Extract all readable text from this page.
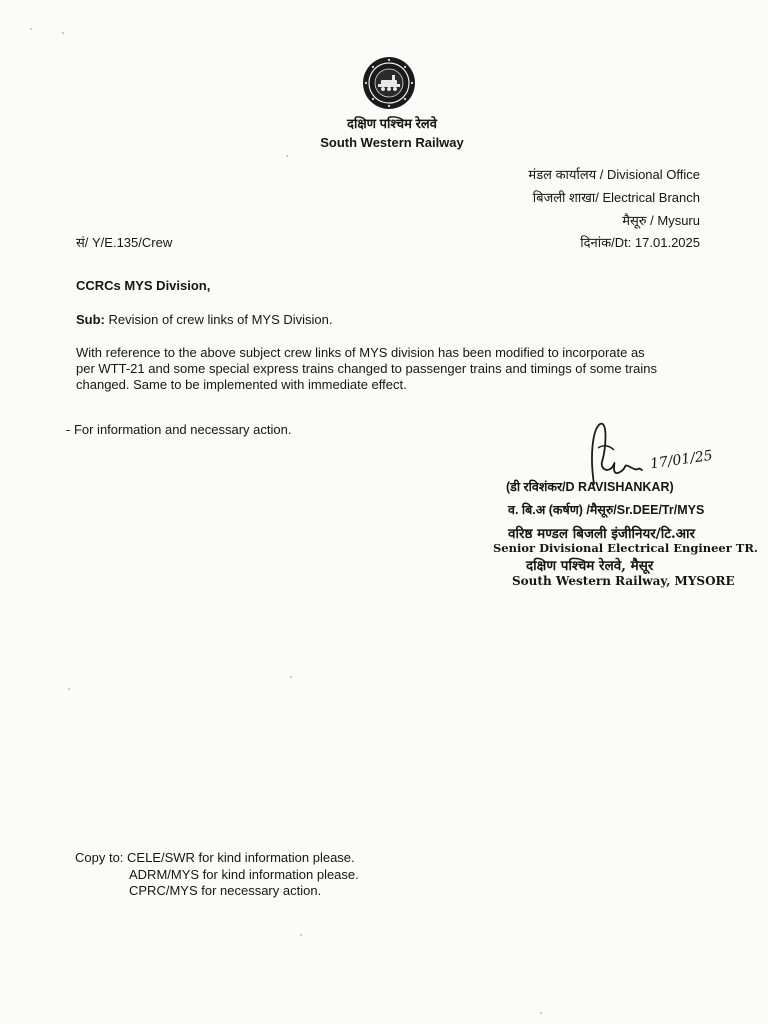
दक्षिण पश्चिम रेलवे
South Western Railway
मंडल कार्यालय / Divisional Office
बिजली शाखा/ Electrical Branch
मैसूरु / Mysuru
सं/ Y/E.135/Crew	दिनांक/Dt: 17.01.2025
CCRCs MYS Division,
Sub: Revision of crew links of MYS Division.
With reference to the above subject crew links of MYS division has been modified to incorporate as
per WTT-21 and some special express trains changed to passenger trains and timings of some trains
changed. Same to be implemented with immediate effect.
- For information and necessary action.
17/01/25
(डी रविशंकर/D RAVISHANKAR)
व. बि.अ (कर्षण) /मैसूरु/Sr.DEE/Tr/MYS
वरिष्ठ मण्डल बिजली इंजीनियर/टि.आर
Senior Divisional Electrical Engineer TR.
दक्षिण पश्चिम रेलवे, मैसूर
South Western Railway, MYSORE
Copy to: CELE/SWR for kind information please.
ADRM/MYS for kind information please.
CPRC/MYS for necessary action.
